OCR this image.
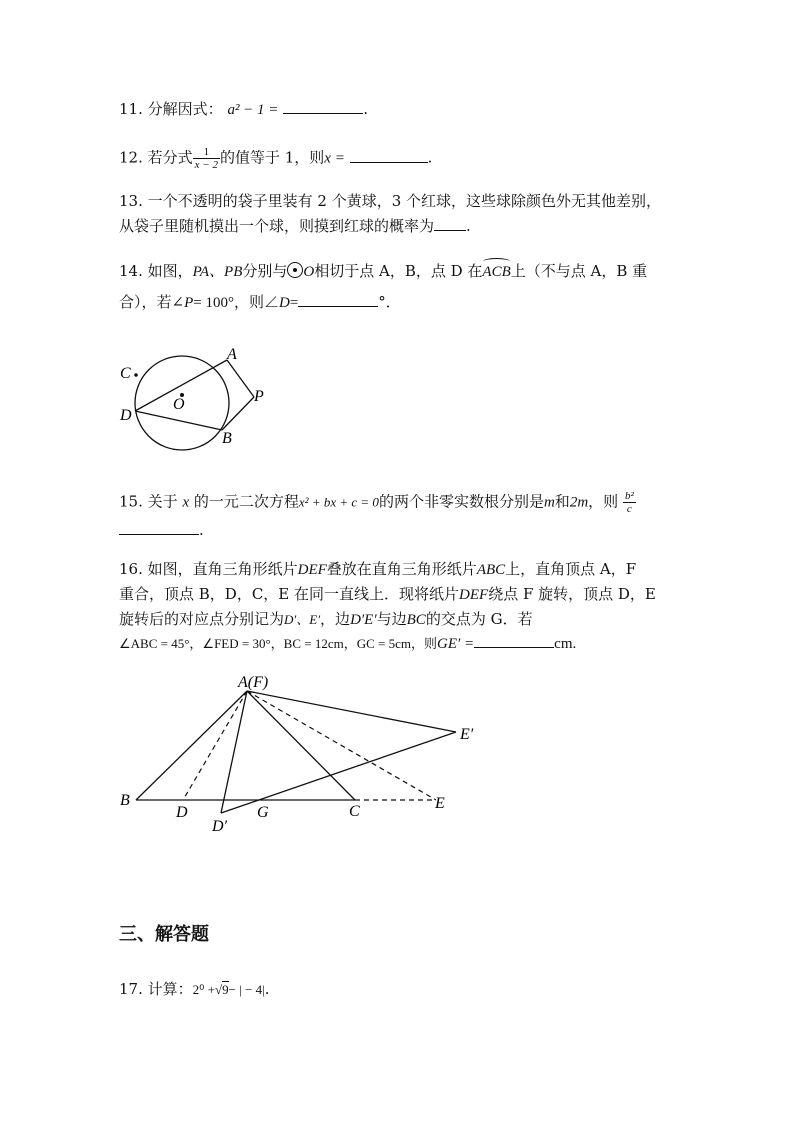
11. 分解因式： a² − 1 =	.
12. 若分式 $\frac{1}{x - 2}$ 的值等于 1，则x =	.
13. 一个不透明的袋子里装有 2 个黄球，3 个红球，这些球除颜色外无其他差别，
从袋子里随机摸出一个球，则摸到红球的概率为 .
14. 如图，PA、PB分别与 O相切于点 A，B，点 D 在ACB上（不与点 A，B 重
合），若∠P= 100°，则∠D=	°．
A
B
C
D
O	P
15. 关于 x 的一元二次方程x² + bx + c = 0的两个非零实数根分别是m和2m，则 $\frac{\text{b²}}{c}$
.
16. 如图，直角三角形纸片DEF叠放在直角三角形纸片ABC上，直角顶点 A，F
重合，顶点 B，D，C，E 在同一直线上．现将纸片DEF绕点 F 旋转，顶点 D，E
旋转后的对应点分别记为D′、E′，边D′E′与边BC的交点为 G．若
∠ABC = 45°，∠FED = 30°，BC = 12cm，GC = 5cm，则GE′ =	cm.
A(F)
E′
B
D	G	C	E
D′
三、解答题
17. 计算：2⁰ +√9− | − 4|.
